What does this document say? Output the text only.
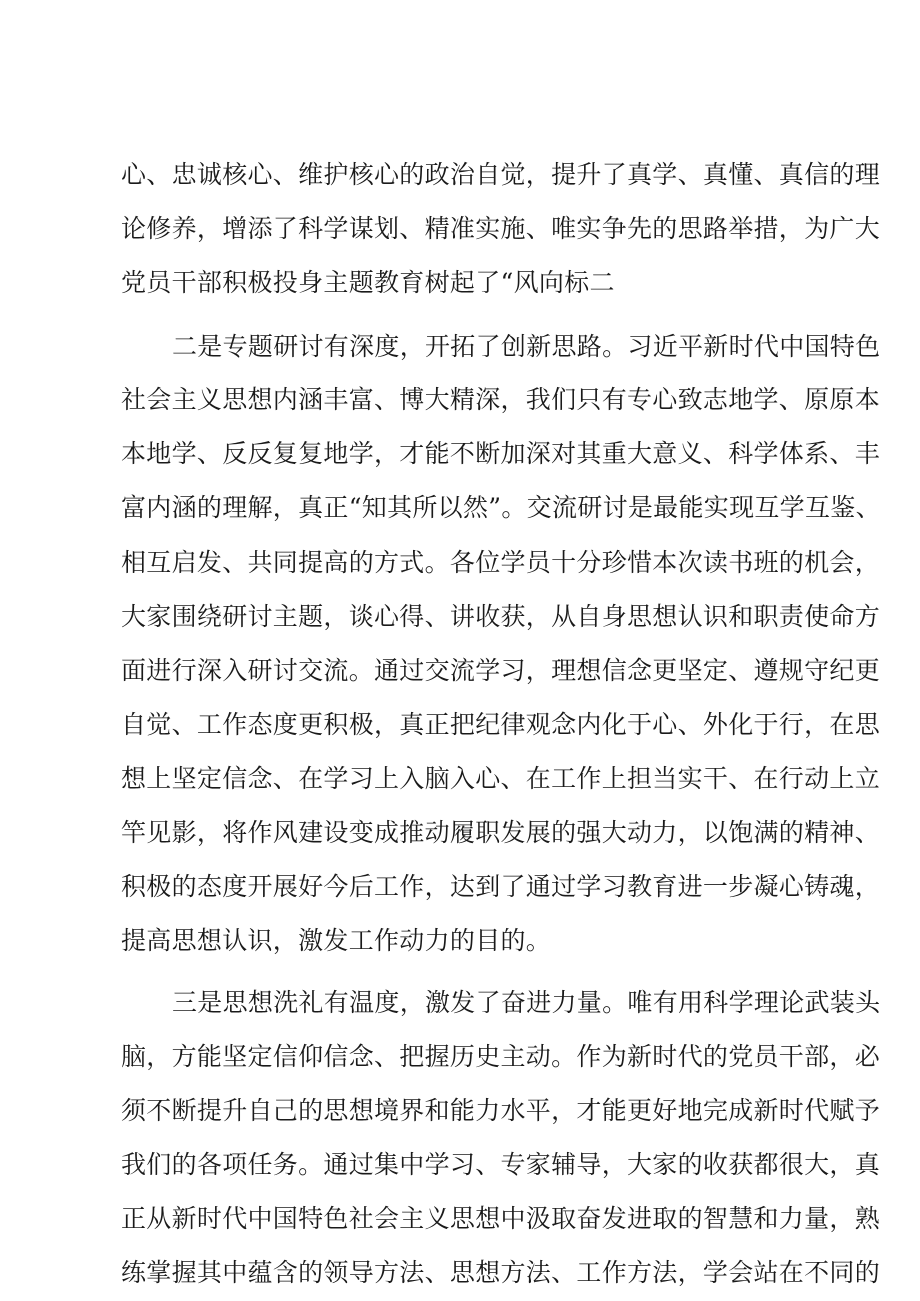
心、忠诚核心、维护核心的政治自觉，提升了真学、真懂、真信的理
论修养，增添了科学谋划、精准实施、唯实争先的思路举措，为广大
党员干部积极投身主题教育树起了“风向标二
二是专题研讨有深度，开拓了创新思路。习近平新时代中国特色
社会主义思想内涵丰富、博大精深，我们只有专心致志地学、原原本
本地学、反反复复地学，才能不断加深对其重大意义、科学体系、丰
富内涵的理解，真正“知其所以然”。交流研讨是最能实现互学互鉴、
相互启发、共同提高的方式。各位学员十分珍惜本次读书班的机会，
大家围绕研讨主题，谈心得、讲收获，从自身思想认识和职责使命方
面进行深入研讨交流。通过交流学习，理想信念更坚定、遵规守纪更
自觉、工作态度更积极，真正把纪律观念内化于心、外化于行，在思
想上坚定信念、在学习上入脑入心、在工作上担当实干、在行动上立
竿见影，将作风建设变成推动履职发展的强大动力，以饱满的精神、
积极的态度开展好今后工作，达到了通过学习教育进一步凝心铸魂，
提高思想认识，激发工作动力的目的。
三是思想洗礼有温度，激发了奋进力量。唯有用科学理论武装头
脑，方能坚定信仰信念、把握历史主动。作为新时代的党员干部，必
须不断提升自己的思想境界和能力水平，才能更好地完成新时代赋予
我们的各项任务。通过集中学习、专家辅导，大家的收获都很大，真
正从新时代中国特色社会主义思想中汲取奋发进取的智慧和力量，熟
练掌握其中蕴含的领导方法、思想方法、工作方法，学会站在不同的
